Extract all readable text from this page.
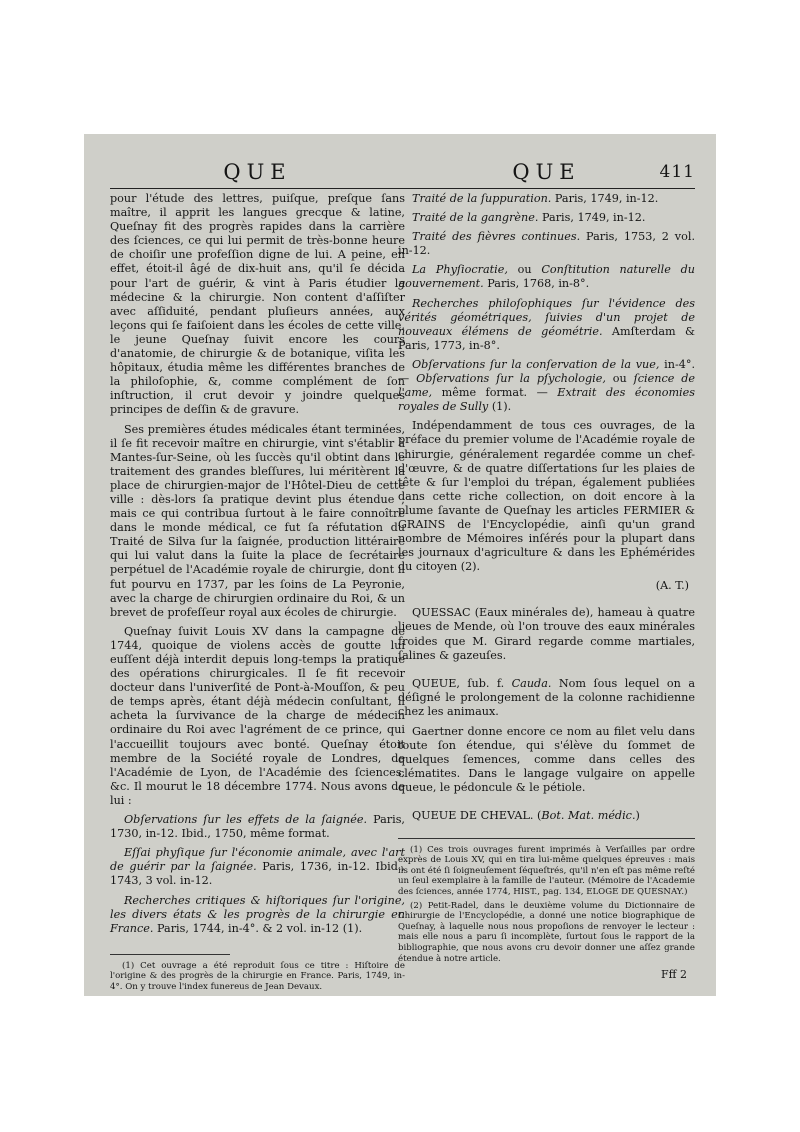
QUE

pour l'étude des lettres, puiſque, preſque ſans maître, il apprit les langues grecque & latine, Queſnay fit des progrès rapides dans la carrière des ſciences, ce qui lui permit de très-bonne heure de choiſir une profeſſion digne de lui. A peine, en effet, étoit-il âgé de dix-huit ans, qu'il ſe décida pour l'art de guérir, & vint à Paris étudier la médecine & la chirurgie. Non content d'aſſiſter avec aſſiduité, pendant pluſieurs années, aux leçons qui ſe faiſoient dans les écoles de cette ville, le jeune Queſnay ſuivit encore les cours d'anatomie, de chirurgie & de botanique, viſita les hôpitaux, étudia même les différentes branches de la philoſophie, &, comme complément de ſon inſtruction, il crut devoir y joindre quelques principes de deſſin & de gravure.

Ses premières études médicales étant terminées, il ſe fit recevoir maître en chirurgie, vint s'établir à Mantes-ſur-Seine, où les ſuccès qu'il obtint dans le traitement des grandes bleſſures, lui méritèrent la place de chirurgien-major de l'Hôtel-Dieu de cette ville : dès-lors ſa pratique devint plus étendue ; mais ce qui contribua ſurtout à le faire connoître dans le monde médical, ce fut ſa réfutation du Traité de Silva ſur la ſaignée, production littéraire qui lui valut dans la ſuite la place de ſecrétaire perpétuel de l'Académie royale de chirurgie, dont il fut pourvu en 1737, par les ſoins de La Peyronie, avec la charge de chirurgien ordinaire du Roi, & un brevet de profeſſeur royal aux écoles de chirurgie.

Queſnay ſuivit Louis XV dans la campagne de 1744, quoique de violens accès de goutte lui euſſent déjà interdit depuis long-temps la pratique des opérations chirurgicales. Il ſe fit recevoir docteur dans l'univerſité de Pont-à-Mouſſon, & peu de temps après, étant déjà médecin conſultant, il acheta la ſurvivance de la charge de médecin ordinaire du Roi avec l'agrément de ce prince, qui l'accueillit toujours avec bonté. Queſnay étoit membre de la Société royale de Londres, de l'Académie de Lyon, de l'Académie des ſciences, &c. Il mourut le 18 décembre 1774. Nous avons de lui :

Obſervations ſur les effets de la ſaignée. Paris, 1730, in-12. Ibid., 1750, même format.

Eſſai phyſique ſur l'économie animale, avec l'art de guérir par la ſaignée. Paris, 1736, in-12. Ibid., 1743, 3 vol. in-12.

Recherches critiques & hiſtoriques ſur l'origine, les divers états & les progrès de la chirurgie en France. Paris, 1744, in-4°. & 2 vol. in-12 (1).

(1) Cet ouvrage a été reproduit ſous ce titre : Hiſtoire de l'origine & des progrès de la chirurgie en France. Paris, 1749, in-4°. On y trouve l'index funereus de Jean Devaux.

QUE	411

Traité de la ſuppuration. Paris, 1749, in-12.

Traité de la gangrène. Paris, 1749, in-12.

Traité des fièvres continues. Paris, 1753, 2 vol. in-12.

La Phyſiocratie, ou Conſtitution naturelle du gouvernement. Paris, 1768, in-8°.

Recherches philoſophiques ſur l'évidence des vérités géométriques, ſuivies d'un projet de nouveaux élémens de géométrie. Amſterdam & Paris, 1773, in-8°.

Obſervations ſur la conſervation de la vue, in-4°. — Obſervations ſur la pſychologie, ou ſcience de l'ame, même format. — Extrait des économies royales de Sully (1).

Indépendamment de tous ces ouvrages, de la préface du premier volume de l'Académie royale de chirurgie, généralement regardée comme un chef-d'œuvre, & de quatre diſſertations ſur les plaies de tête & ſur l'emploi du trépan, également publiées dans cette riche collection, on doit encore à la plume ſavante de Queſnay les articles FERMIER & GRAINS de l'Encyclopédie, ainſi qu'un grand nombre de Mémoires inſérés pour la plupart dans les journaux d'agriculture & dans les Ephémérides du citoyen (2).

(A. T.)

QUESSAC (Eaux minérales de), hameau à quatre lieues de Mende, où l'on trouve des eaux minérales froides que M. Girard regarde comme martiales, ſalines & gazeuſes.

QUEUE, ſub. f. Cauda. Nom ſous lequel on a déſigné le prolongement de la colonne rachidienne chez les animaux.

Gaertner donne encore ce nom au filet velu dans toute ſon étendue, qui s'élève du ſommet de quelques ſemences, comme dans celles des clématites. Dans le langage vulgaire on appelle queue, le pédoncule & le pétiole.

QUEUE DE CHEVAL. (Bot. Mat. médic.)

(1) Ces trois ouvrages furent imprimés à Verſailles par ordre exprès de Louis XV, qui en tira lui-même quelques épreuves : mais ils ont été ſi ſoigneuſement ſéqueſtrés, qu'il n'en eſt pas même reſté un ſeul exemplaire à la famille de l'auteur. (Mémoire de l'Academie des ſciences, année 1774, HIST., pag. 134, ELOGE DE QUESNAY.)

(2) Petit-Radel, dans le deuxième volume du Dictionnaire de Chirurgie de l'Encyclopédie, a donné une notice biographique de Queſnay, à laquelle nous nous propoſions de renvoyer le lecteur : mais elle nous a paru ſi incomplète, ſurtout ſous le rapport de la bibliographie, que nous avons cru devoir donner une aſſez grande étendue à notre article.

Fff 2
